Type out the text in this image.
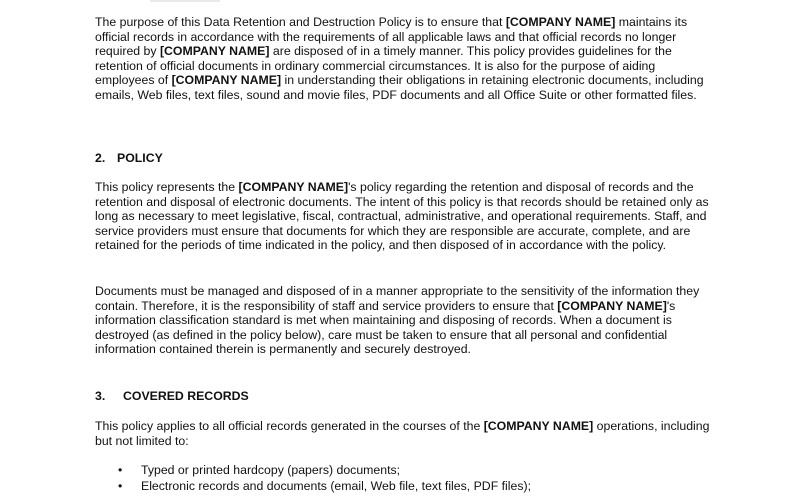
The purpose of this Data Retention and Destruction Policy is to ensure that [COMPANY NAME] maintains its official records in accordance with the requirements of all applicable laws and that official records no longer required by [COMPANY NAME] are disposed of in a timely manner. This policy provides guidelines for the retention of official documents in ordinary commercial circumstances. It is also for the purpose of aiding employees of [COMPANY NAME] in understanding their obligations in retaining electronic documents, including emails, Web files, text files, sound and movie files, PDF documents and all Office Suite or other formatted files.

2. POLICY

This policy represents the [COMPANY NAME]'s policy regarding the retention and disposal of records and the retention and disposal of electronic documents. The intent of this policy is that records should be retained only as long as necessary to meet legislative, fiscal, contractual, administrative, and operational requirements. Staff, and service providers must ensure that documents for which they are responsible are accurate, complete, and are retained for the periods of time indicated in the policy, and then disposed of in accordance with the policy.

Documents must be managed and disposed of in a manner appropriate to the sensitivity of the information they contain. Therefore, it is the responsibility of staff and service providers to ensure that [COMPANY NAME]'s information classification standard is met when maintaining and disposing of records. When a document is destroyed (as defined in the policy below), care must be taken to ensure that all personal and confidential information contained therein is permanently and securely destroyed.

3. COVERED RECORDS

This policy applies to all official records generated in the courses of the [COMPANY NAME] operations, including but not limited to:

• Typed or printed hardcopy (papers) documents;
• Electronic records and documents (email, Web file, text files, PDF files);
